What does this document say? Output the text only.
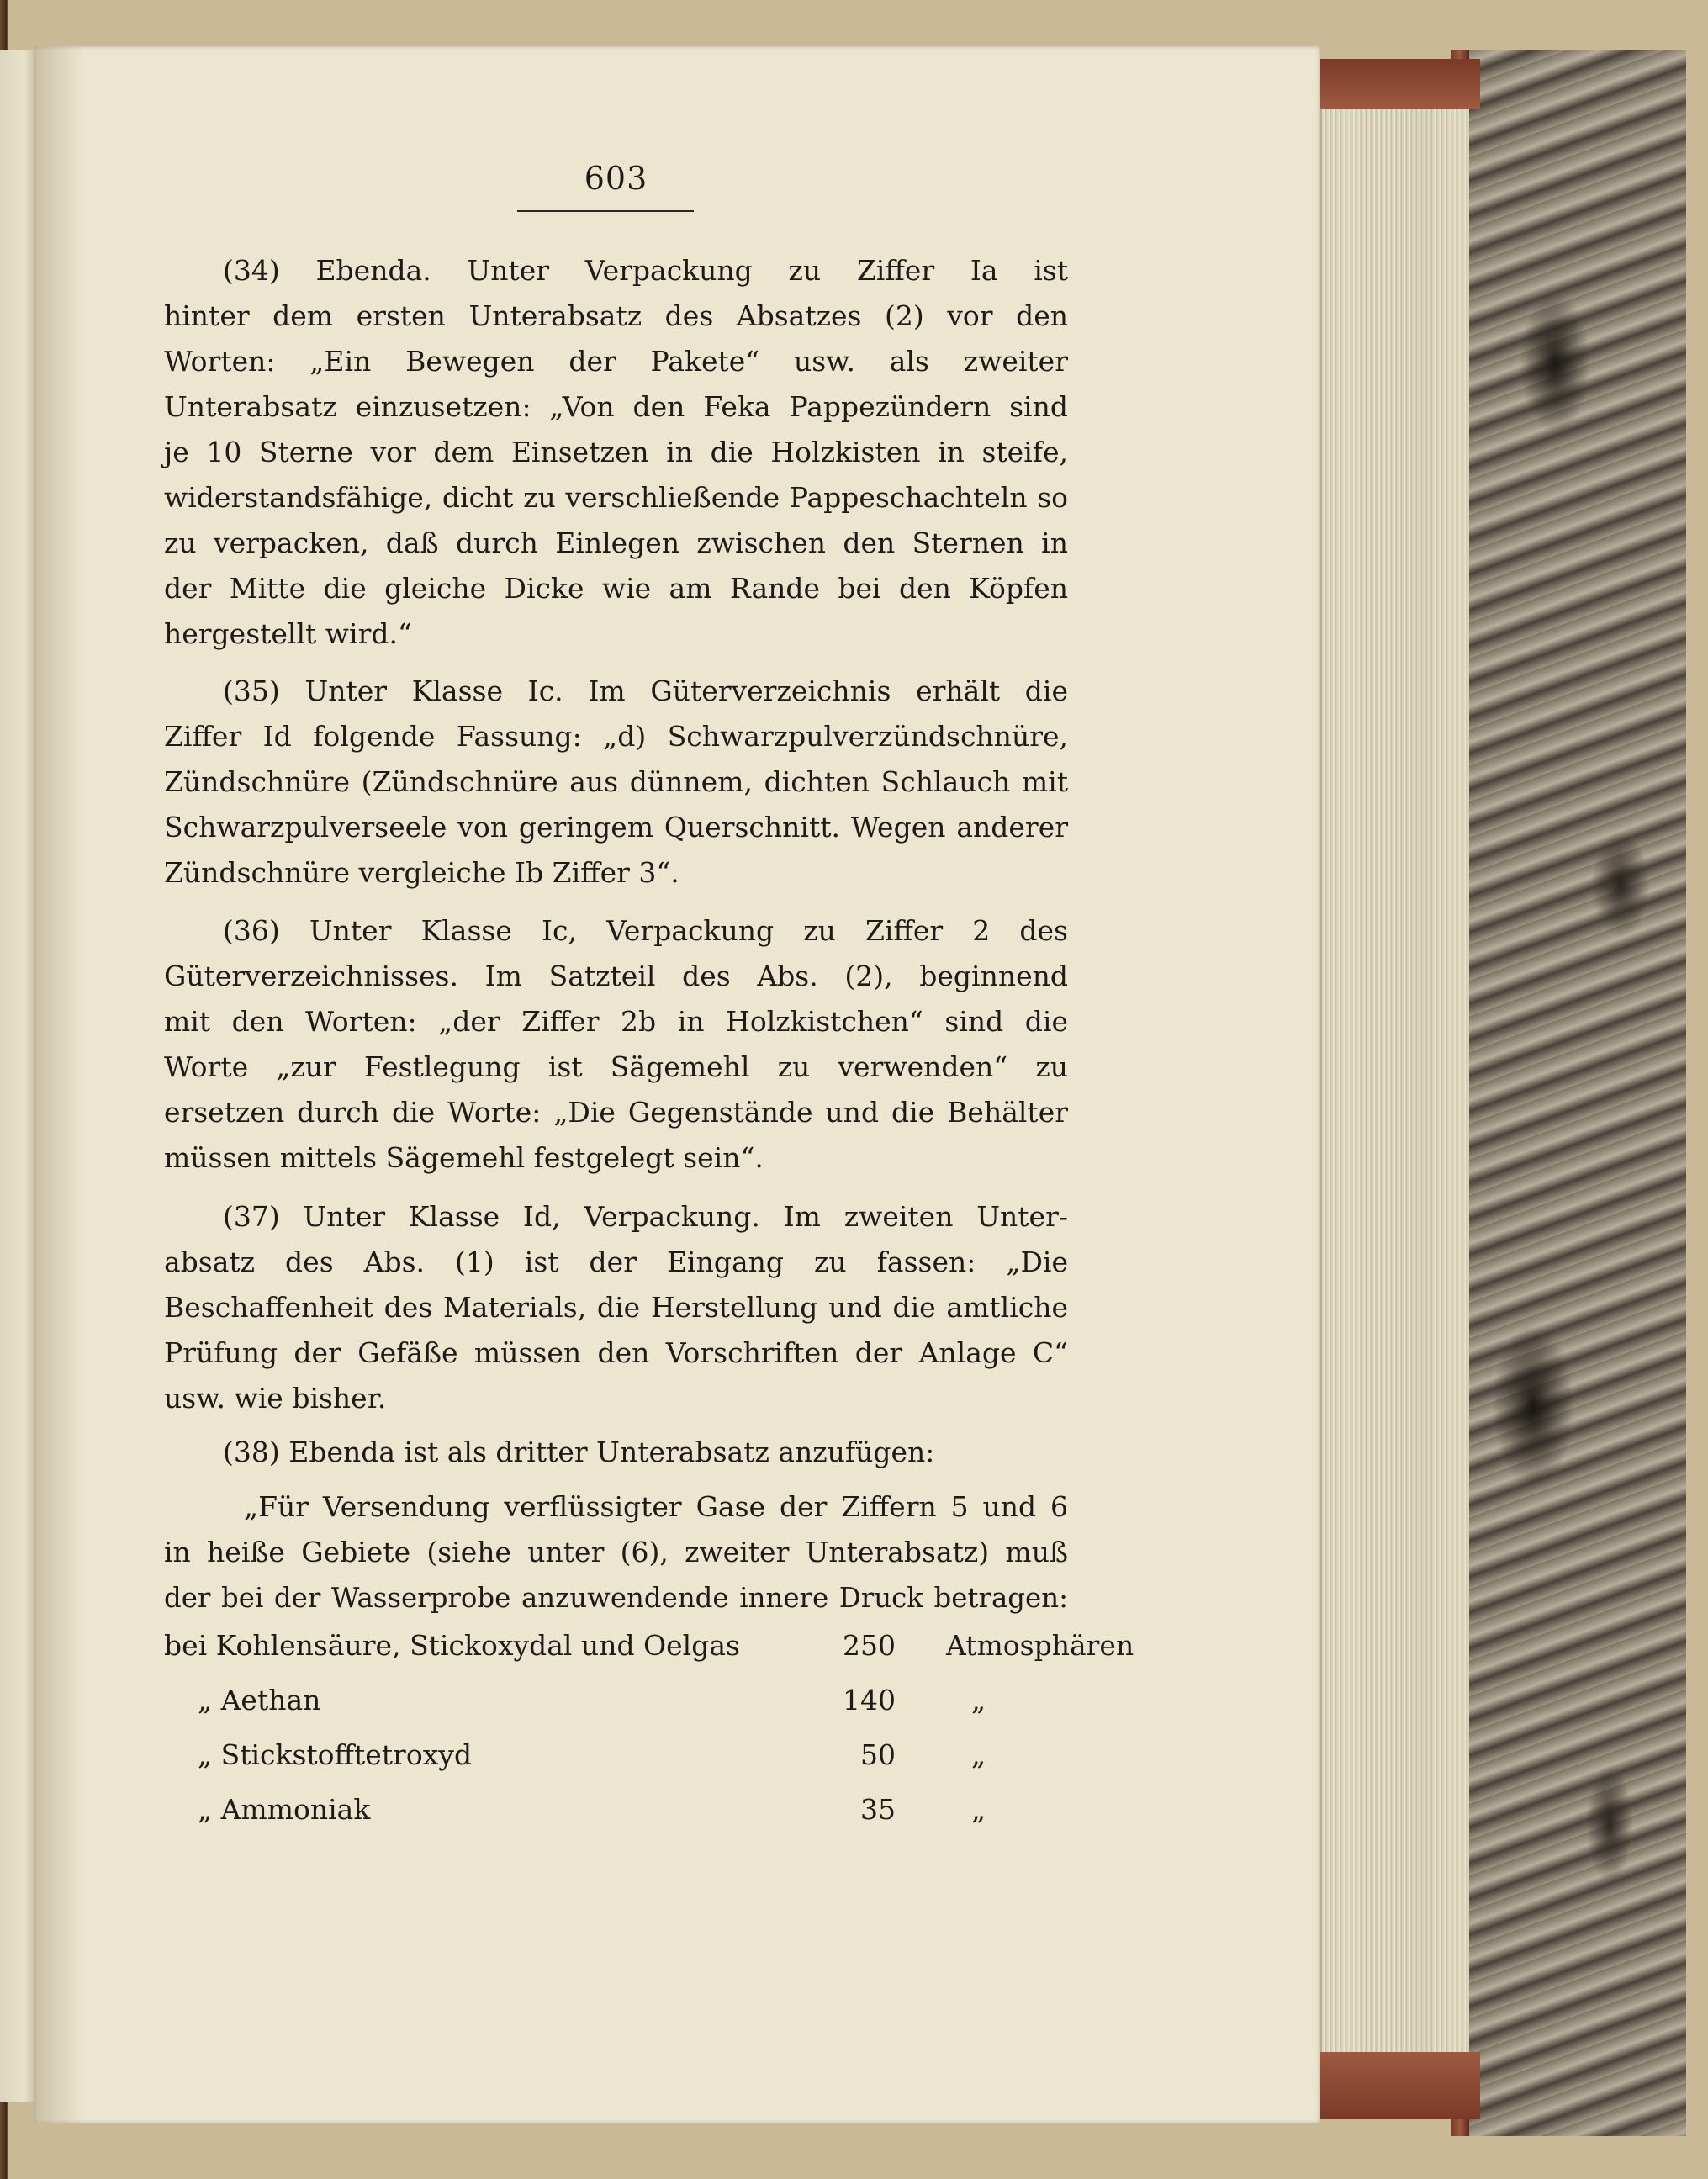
603
(34) Ebenda. Unter Verpackung zu Ziffer Ia ist
hinter dem ersten Unterabsatz des Absatzes (2) vor den
Worten: „Ein Bewegen der Pakete“ usw. als zweiter
Unterabsatz einzusetzen: „Von den Feka Pappezündern sind
je 10 Sterne vor dem Einsetzen in die Holzkisten in steife,
widerstandsfähige, dicht zu verschließende Pappeschachteln so
zu verpacken, daß durch Einlegen zwischen den Sternen in
der Mitte die gleiche Dicke wie am Rande bei den Köpfen
hergestellt wird.“
(35) Unter Klasse Ic. Im Güterverzeichnis erhält die
Ziffer Id folgende Fassung: „d) Schwarzpulverzündschnüre,
Zündschnüre (Zündschnüre aus dünnem, dichten Schlauch mit
Schwarzpulverseele von geringem Querschnitt. Wegen anderer
Zündschnüre vergleiche Ib Ziffer 3“.
(36) Unter Klasse Ic, Verpackung zu Ziffer 2 des
Güterverzeichnisses. Im Satzteil des Abs. (2), beginnend
mit den Worten: „der Ziffer 2b in Holzkistchen“ sind die
Worte „zur Festlegung ist Sägemehl zu verwenden“ zu
ersetzen durch die Worte: „Die Gegenstände und die Behälter
müssen mittels Sägemehl festgelegt sein“.
(37) Unter Klasse Id, Verpackung. Im zweiten Unter-
absatz des Abs. (1) ist der Eingang zu fassen: „Die
Beschaffenheit des Materials, die Herstellung und die amtliche
Prüfung der Gefäße müssen den Vorschriften der Anlage C“
usw. wie bisher.
(38) Ebenda ist als dritter Unterabsatz anzufügen:
„Für Versendung verflüssigter Gase der Ziffern 5 und 6
in heiße Gebiete (siehe unter (6), zweiter Unterabsatz) muß
der bei der Wasserprobe anzuwendende innere Druck betragen:
bei Kohlensäure, Stickoxydal und Oelgas	250 Atmosphären
„ Aethan	140	„
„ Stickstofftetroxyd	50	„
„ Ammoniak	35	„
